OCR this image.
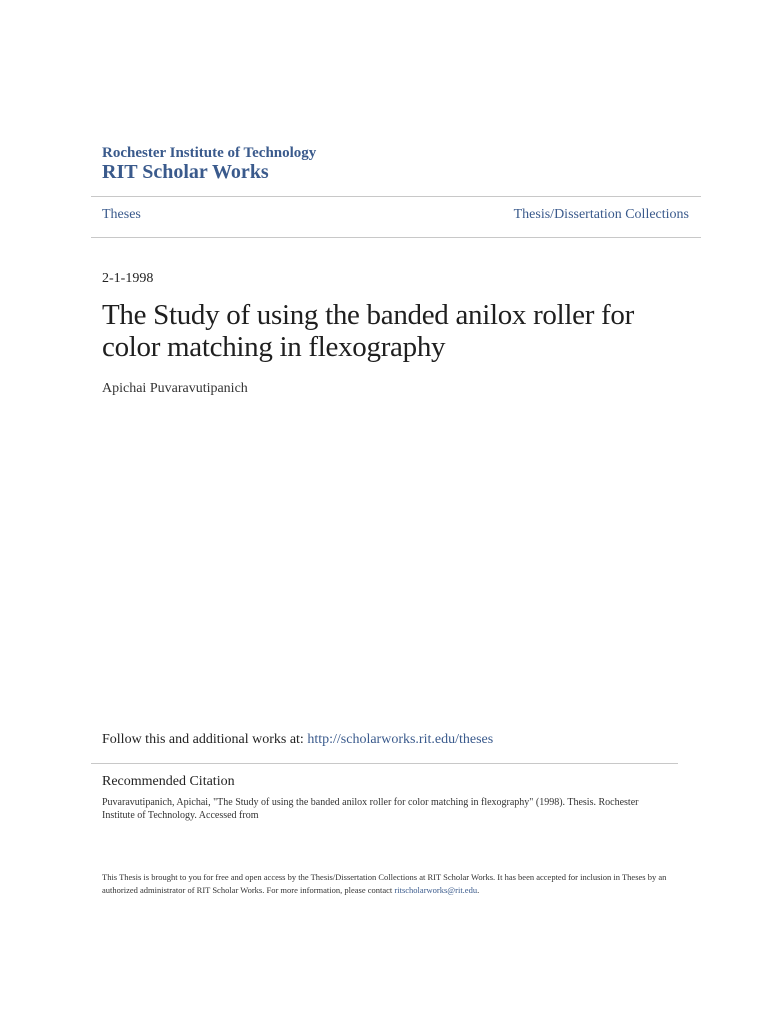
Rochester Institute of Technology
RIT Scholar Works
Theses	Thesis/Dissertation Collections
2-1-1998
The Study of using the banded anilox roller for color matching in flexography
Apichai Puvaravutipanich
Follow this and additional works at: http://scholarworks.rit.edu/theses
Recommended Citation
Puvaravutipanich, Apichai, "The Study of using the banded anilox roller for color matching in flexography" (1998). Thesis. Rochester Institute of Technology. Accessed from
This Thesis is brought to you for free and open access by the Thesis/Dissertation Collections at RIT Scholar Works. It has been accepted for inclusion in Theses by an authorized administrator of RIT Scholar Works. For more information, please contact ritscholarworks@rit.edu.
